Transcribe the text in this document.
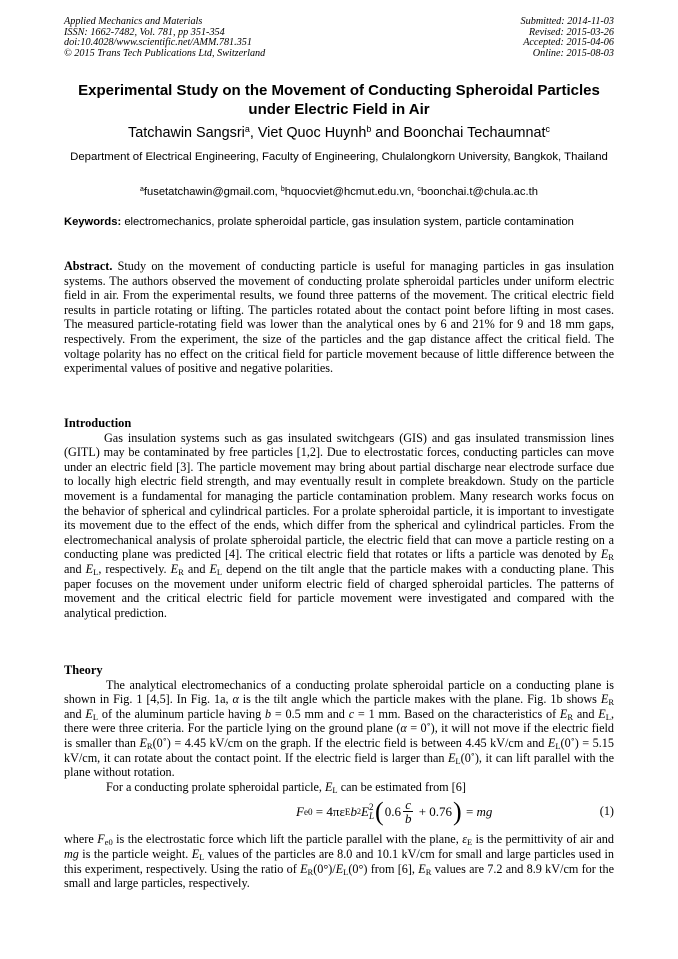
Applied Mechanics and Materials
ISSN: 1662-7482, Vol. 781, pp 351-354
doi:10.4028/www.scientific.net/AMM.781.351
© 2015 Trans Tech Publications Ltd, Switzerland
Submitted: 2014-11-03
Revised: 2015-03-26
Accepted: 2015-04-06
Online: 2015-08-03
Experimental Study on the Movement of Conducting Spheroidal Particles under Electric Field in Air
Tatchawin Sangsri$^a$, Viet Quoc Huynh$^b$ and Boonchai Techaumnat$^c$
Department of Electrical Engineering, Faculty of Engineering, Chulalongkorn University, Bangkok, Thailand
$^a$fusetatchawin@gmail.com, $^b$hquocviet@hcmut.edu.vn, $^c$boonchai.t@chula.ac.th
Keywords: electromechanics, prolate spheroidal particle, gas insulation system, particle contamination
Abstract. Study on the movement of conducting particle is useful for managing particles in gas insulation systems. The authors observed the movement of conducting prolate spheroidal particles under uniform electric field in air. From the experimental results, we found three patterns of the movement. The critical electric field results in particle rotating or lifting. The particles rotated about the contact point before lifting in most cases. The measured particle-rotating field was lower than the analytical ones by 6 and 21% for 9 and 18 mm gaps, respectively. From the experiment, the size of the particles and the gap distance affect the critical field. The voltage polarity has no effect on the critical field for particle movement because of little difference between the experimental values of positive and negative polarities.
Introduction

Gas insulation systems such as gas insulated switchgears (GIS) and gas insulated transmission lines (GITL) may be contaminated by free particles [1,2]. Due to electrostatic forces, conducting particles can move under an electric field [3]. The particle movement may bring about partial discharge near electrode surface due to locally high electric field strength, and may eventually result in complete breakdown. Study on the particle movement is a fundamental for managing the particle contamination problem. Many research works focus on the behavior of spherical and cylindrical particles. For a prolate spheroidal particle, it is important to investigate its movement due to the effect of the ends, which differ from the spherical and cylindrical particles. From the electromechanical analysis of prolate spheroidal particle, the electric field that can move a particle resting on a conducting plane was predicted [4]. The critical electric field that rotates or lifts a particle was denoted by $E_R$ and $E_L$, respectively. $E_R$ and $E_L$ depend on the tilt angle that the particle makes with a conducting plane. This paper focuses on the movement under uniform electric field of charged spheroidal particles. The patterns of movement and the critical electric field for particle movement were investigated and compared with the analytical prediction.

Theory

The analytical electromechanics of a conducting prolate spheroidal particle on a conducting plane is shown in Fig. 1 [4,5]. In Fig. 1a, α is the tilt angle which the particle makes with the plane. Fig. 1b shows $E_R$ and $E_L$ of the aluminum particle having b = 0.5 mm and c = 1 mm. Based on the characteristics of $E_R$ and $E_L$, there were three criteria. For the particle lying on the ground plane (α = 0˚), it will not move if the electric field is smaller than $E_R(0˚) = 4.45$ kV/cm on the graph. If the electric field is between 4.45 kV/cm and $E_L(0˚) = 5.15$ kV/cm, it can rotate about the contact point. If the electric field is larger than $E_L(0˚)$, it can lift parallel with the plane without rotation.

For a conducting prolate spheroidal particle, $E_L$ can be estimated from [6]

F e0 = 4πε E b 2 E 2
L ( $0.6 \frac{c}{b} + 0.76$ ) = mg	(1)

where $F_{e0}$ is the electrostatic force which lift the particle parallel with the plane, $\varepsilon_E$ is the permittivity of air and mg is the particle weight. $E_L$ values of the particles are 8.0 and 10.1 kV/cm for small and large particles used in this experiment, respectively. Using the ratio of $E_R(0^\circ)/E_L(0^\circ)$ from [6], $E_R$ values are 7.2 and 8.9 kV/cm for the small and large particles, respectively.
